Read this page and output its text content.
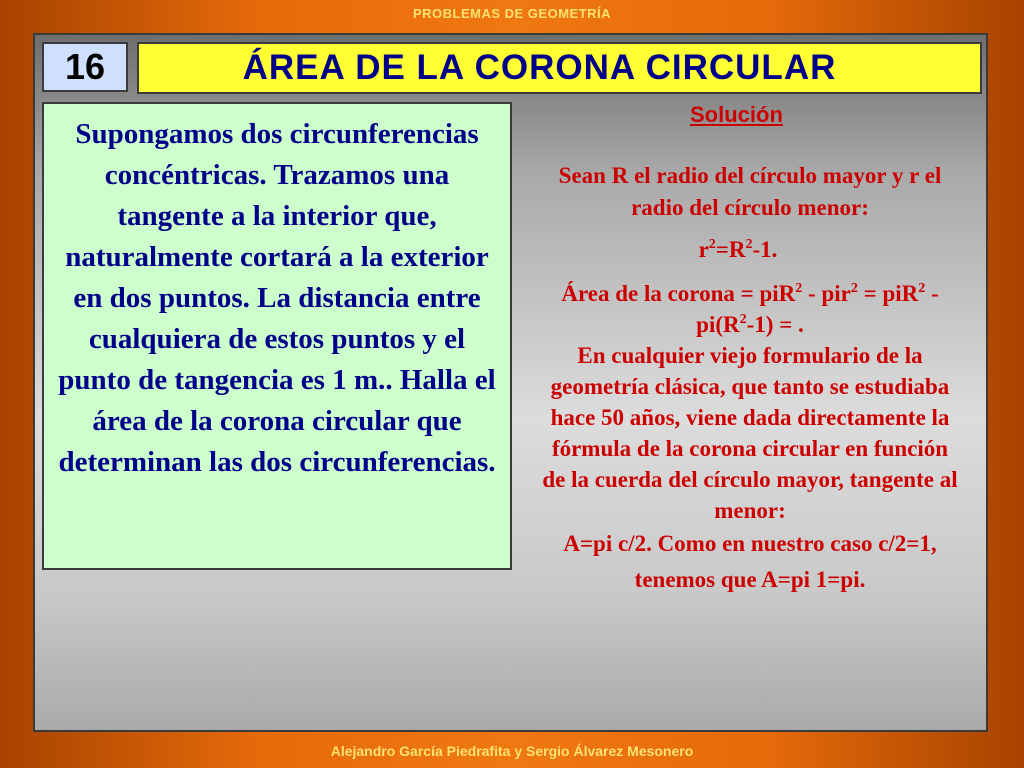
PROBLEMAS DE GEOMETRÍA
16	ÁREA DE LA CORONA CIRCULAR
Supongamos dos circunferencias concéntricas. Trazamos una tangente a la interior que, naturalmente cortará a la exterior en dos puntos. La distancia entre cualquiera de estos puntos y el punto de tangencia es 1 m.. Halla el área de la corona circular que determinan las dos circunferencias.
Solución
Sean R el radio del círculo mayor y r el radio del círculo menor:
$r^2=R^2-1$.
Área de la corona = $piR^2 - pir^2 = piR^2 - pi(R^2-1)$ = .
En cualquier viejo formulario de la geometría clásica, que tanto se estudiaba hace 50 años, viene dada directamente la fórmula de la corona circular en función de la cuerda del círculo mayor, tangente al menor:
A=pi c/2. Como en nuestro caso c/2=1, tenemos que A=pi 1=pi.
Alejandro García Piedrafita y Sergio Álvarez Mesonero
